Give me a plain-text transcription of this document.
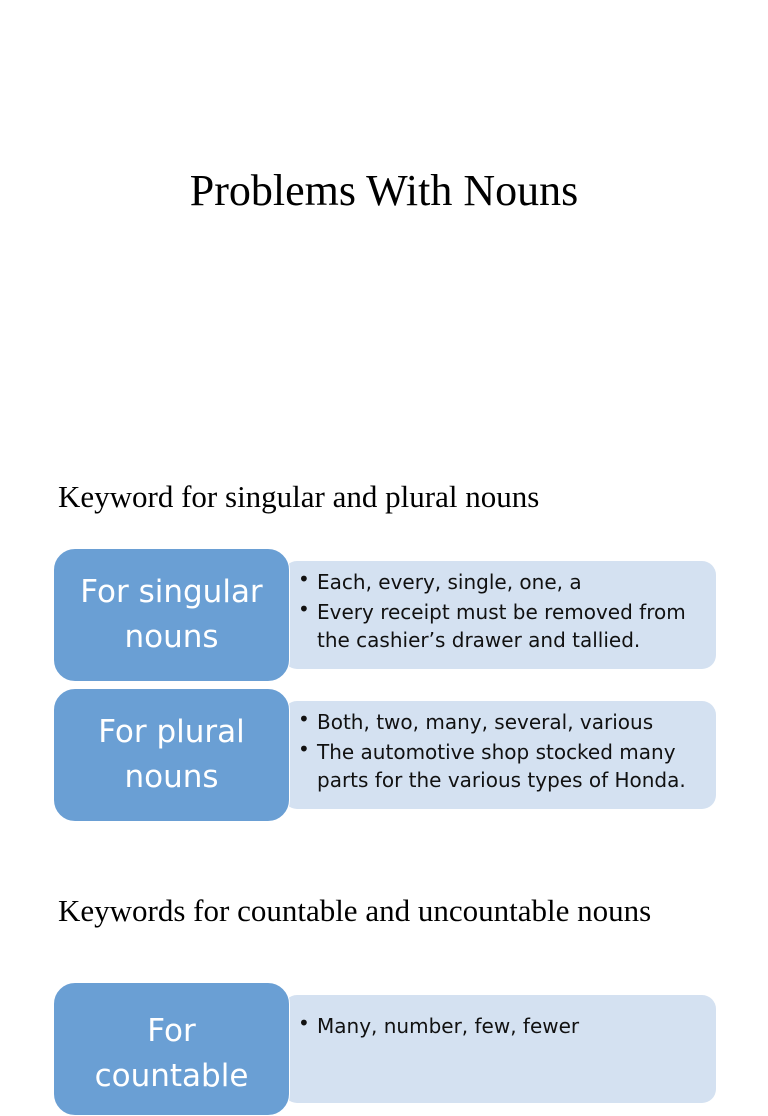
Problems With Nouns
Keyword for singular and plural nouns
For singular nouns
• Each, every, single, one, a
• Every receipt must be removed from the cashier’s drawer and tallied.
For plural nouns
• Both, two, many, several, various
• The automotive shop stocked many parts for the various types of Honda.
Keywords for countable and uncountable nouns
For countable
• Many, number, few, fewer
